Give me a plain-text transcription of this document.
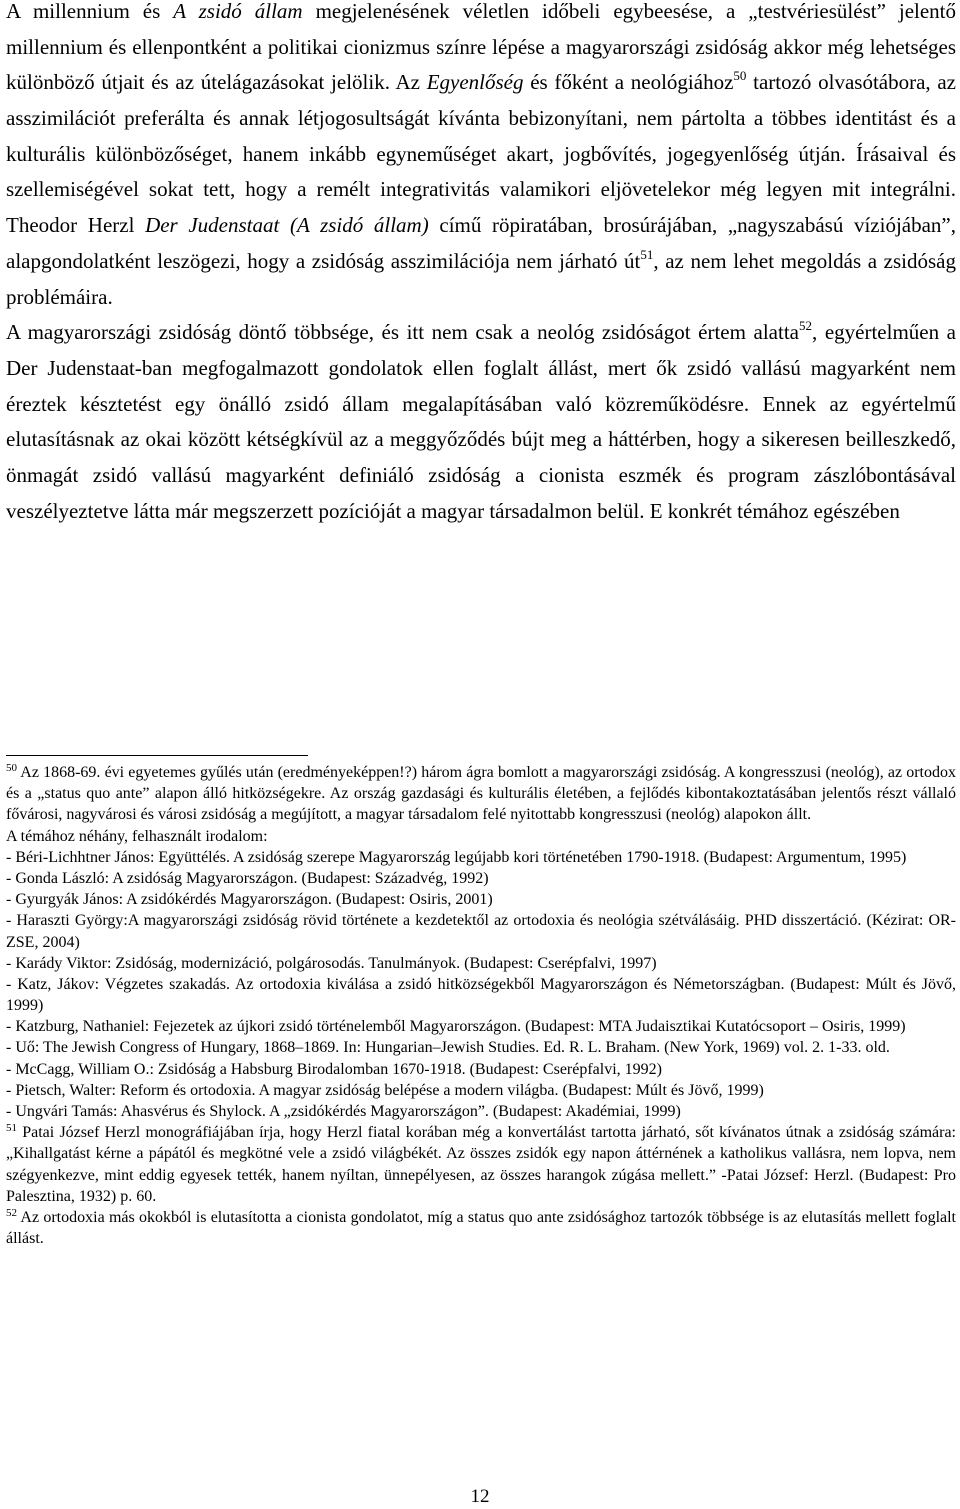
A millennium és A zsidó állam megjelenésének véletlen időbeli egybeesése, a „testvériesülést” jelentő millennium és ellenpontként a politikai cionizmus színre lépése a magyarországi zsidóság akkor még lehetséges különböző útjait és az útelágazásokat jelölik. Az Egyenlőség és főként a neológiához$^{50}$ tartozó olvasótábora, az asszimilációt preferálta és annak létjogosultságát kívánta bebizonyítani, nem pártolta a többes identitást és a kulturális különbözőséget, hanem inkább egyneműséget akart, jogbővítés, jogegyenlőség útján. Írásaival és szellemiségével sokat tett, hogy a remélt integrativitás valamikori eljövetelekor még legyen mit integrálni. Theodor Herzl Der Judenstaat (A zsidó állam) című röpiratában, brosúrájában, „nagyszabású víziójában”, alapgondolatként leszögezi, hogy a zsidóság asszimilációja nem járható $út^{51}$, az nem lehet megoldás a zsidóság problémáira.

A magyarországi zsidóság döntő többsége, és itt nem csak a neológ zsidóságot értem alatta$^{52}$, egyértelműen a Der Judenstaat-ban megfogalmazott gondolatok ellen foglalt állást, mert ők zsidó vallású magyarként nem éreztek késztetést egy önálló zsidó állam megalapításában való közreműködésre. Ennek az egyértelmű elutasításnak az okai között kétségkívül az a meggyőződés bújt meg a háttérben, hogy a sikeresen beilleszkedő, önmagát zsidó vallású magyarként definiáló zsidóság a cionista eszmék és program zászlóbontásával veszélyeztetve látta már megszerzett pozícióját a magyar társadalmon belül. E konkrét témához egészében

$^{50}$ Az 1868-69. évi egyetemes gyűlés után (eredményeképpen!?) három ágra bomlott a magyarországi zsidóság. A kongresszusi (neológ), az ortodox és a „status quo ante” alapon álló hitközségekre. Az ország gazdasági és kulturális életében, a fejlődés kibontakoztatásában jelentős részt vállaló fővárosi, nagyvárosi és városi zsidóság a megújított, a magyar társadalom felé nyitottabb kongresszusi (neológ) alapokon állt.
A témához néhány, felhasznált irodalom:
- Béri-Lichhtner János: Együttélés. A zsidóság szerepe Magyarország legújabb kori történetében 1790-1918. (Budapest: Argumentum, 1995)
- Gonda László: A zsidóság Magyarországon. (Budapest: Századvég, 1992)
- Gyurgyák János: A zsidókérdés Magyarországon. (Budapest: Osiris, 2001)
- Haraszti György:A magyarországi zsidóság rövid története a kezdetektől az ortodoxia és neológia szétválásáig. PHD disszertáció. (Kézirat: OR-ZSE, 2004)
- Karády Viktor: Zsidóság, modernizáció, polgárosodás. Tanulmányok. (Budapest: Cserépfalvi, 1997)
- Katz, Jákov: Végzetes szakadás. Az ortodoxia kiválása a zsidó hitközségekből Magyarországon és Németországban. (Budapest: Múlt és Jövő, 1999)
- Katzburg, Nathaniel: Fejezetek az újkori zsidó történelemből Magyarországon. (Budapest: MTA Judaisztikai Kutatócsoport – Osiris, 1999)
- Uő: The Jewish Congress of Hungary, 1868–1869. In: Hungarian–Jewish Studies. Ed. R. L. Braham. (New York, 1969) vol. 2. 1-33. old.
- McCagg, William O.: Zsidóság a Habsburg Birodalomban 1670-1918. (Budapest: Cserépfalvi, 1992)
- Pietsch, Walter: Reform és ortodoxia. A magyar zsidóság belépése a modern világba. (Budapest: Múlt és Jövő, 1999)
- Ungvári Tamás: Ahasvérus és Shylock. A „zsidókérdés Magyarországon”. (Budapest: Akadémiai, 1999)
$^{51}$ Patai József Herzl monográfiájában írja, hogy Herzl fiatal korában még a konvertálást tartotta járható, sőt kívánatos útnak a zsidóság számára: „Kihallgatást kérne a pápától és megkötné vele a zsidó világbékét. Az összes zsidók egy napon áttérnének a katholikus vallásra, nem lopva, nem szégyenkezve, mint eddig egyesek tették, hanem nyíltan, ünnepélyesen, az összes harangok zúgása mellett.” -Patai József: Herzl. (Budapest: Pro Palesztina, 1932) p. 60.
$^{52}$ Az ortodoxia más okokból is elutasította a cionista gondolatot, míg a status quo ante zsidósághoz tartozók többsége is az elutasítás mellett foglalt állást.
12
